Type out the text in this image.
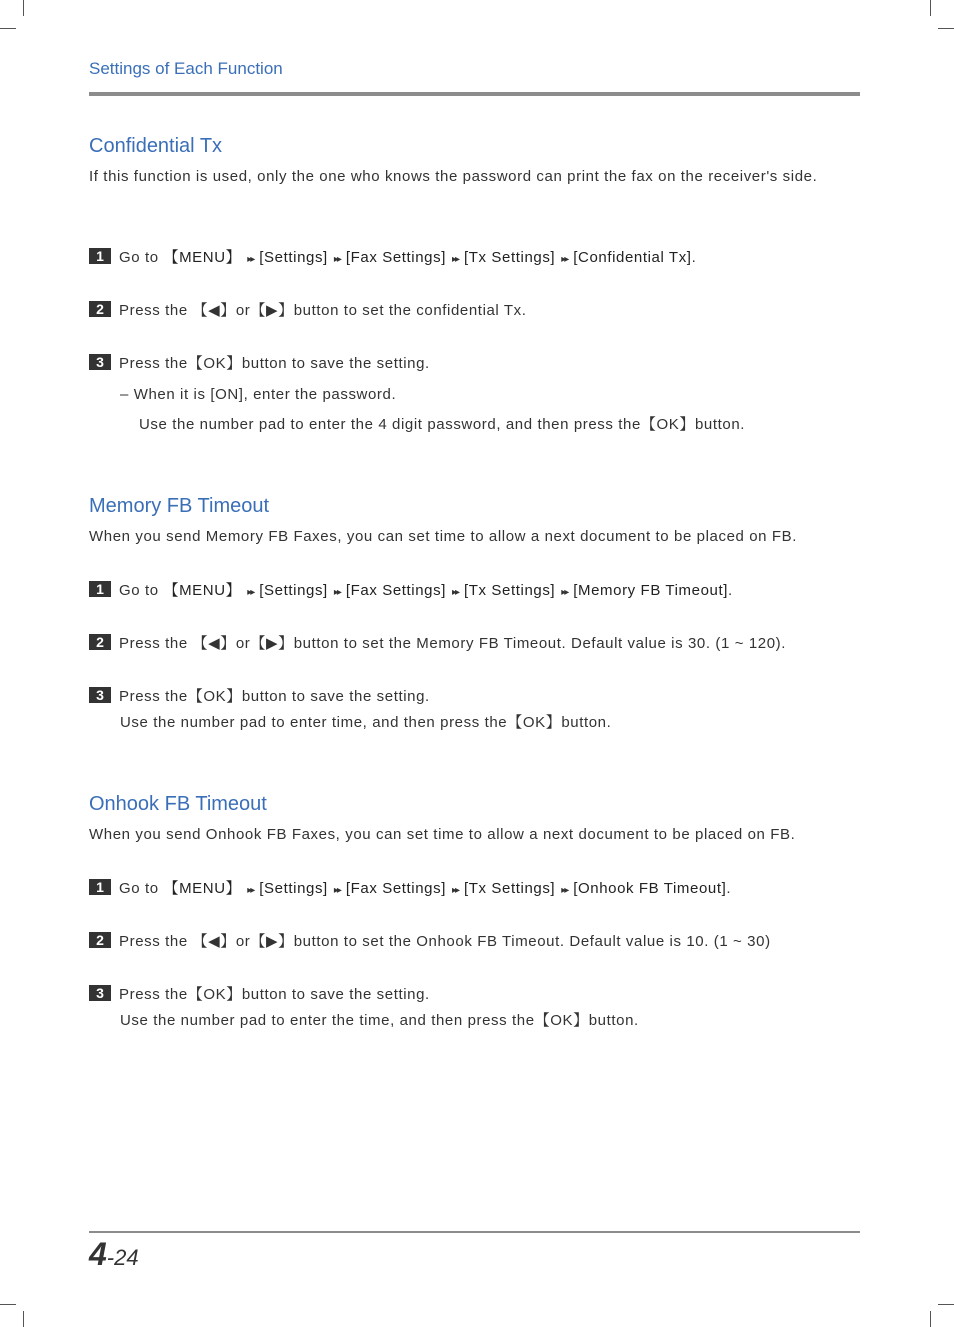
Settings of Each Function
Confidential Tx
If this function is used, only the one who knows the password can print the fax on the receiver's side.
1	Go to 【MENU】 ▸▸ [Settings] ▸▸ [Fax Settings] ▸▸ [Tx Settings] ▸▸ [Confidential Tx].
2	Press the 【◀】or【▶】button to set the confidential Tx.
3	Press the【OK】button to save the setting.
– When it is [ON], enter the password.
Use the number pad to enter the 4 digit password, and then press the【OK】button.
Memory FB Timeout
When you send Memory FB Faxes, you can set time to allow a next document to be placed on FB.
1	Go to 【MENU】 ▸▸ [Settings] ▸▸ [Fax Settings] ▸▸ [Tx Settings] ▸▸ [Memory FB Timeout].
2	Press the 【◀】or【▶】button to set the Memory FB Timeout. Default value is 30. (1 ~ 120).
3	Press the【OK】button to save the setting.
Use the number pad to enter time, and then press the【OK】button.
Onhook FB Timeout
When you send Onhook FB Faxes, you can set time to allow a next document to be placed on FB.
1	Go to 【MENU】 ▸▸ [Settings] ▸▸ [Fax Settings] ▸▸ [Tx Settings] ▸▸ [Onhook FB Timeout].
2	Press the 【◀】or【▶】button to set the Onhook FB Timeout. Default value is 10. (1 ~ 30)
3	Press the【OK】button to save the setting.
Use the number pad to enter the time, and then press the【OK】button.
4-24
